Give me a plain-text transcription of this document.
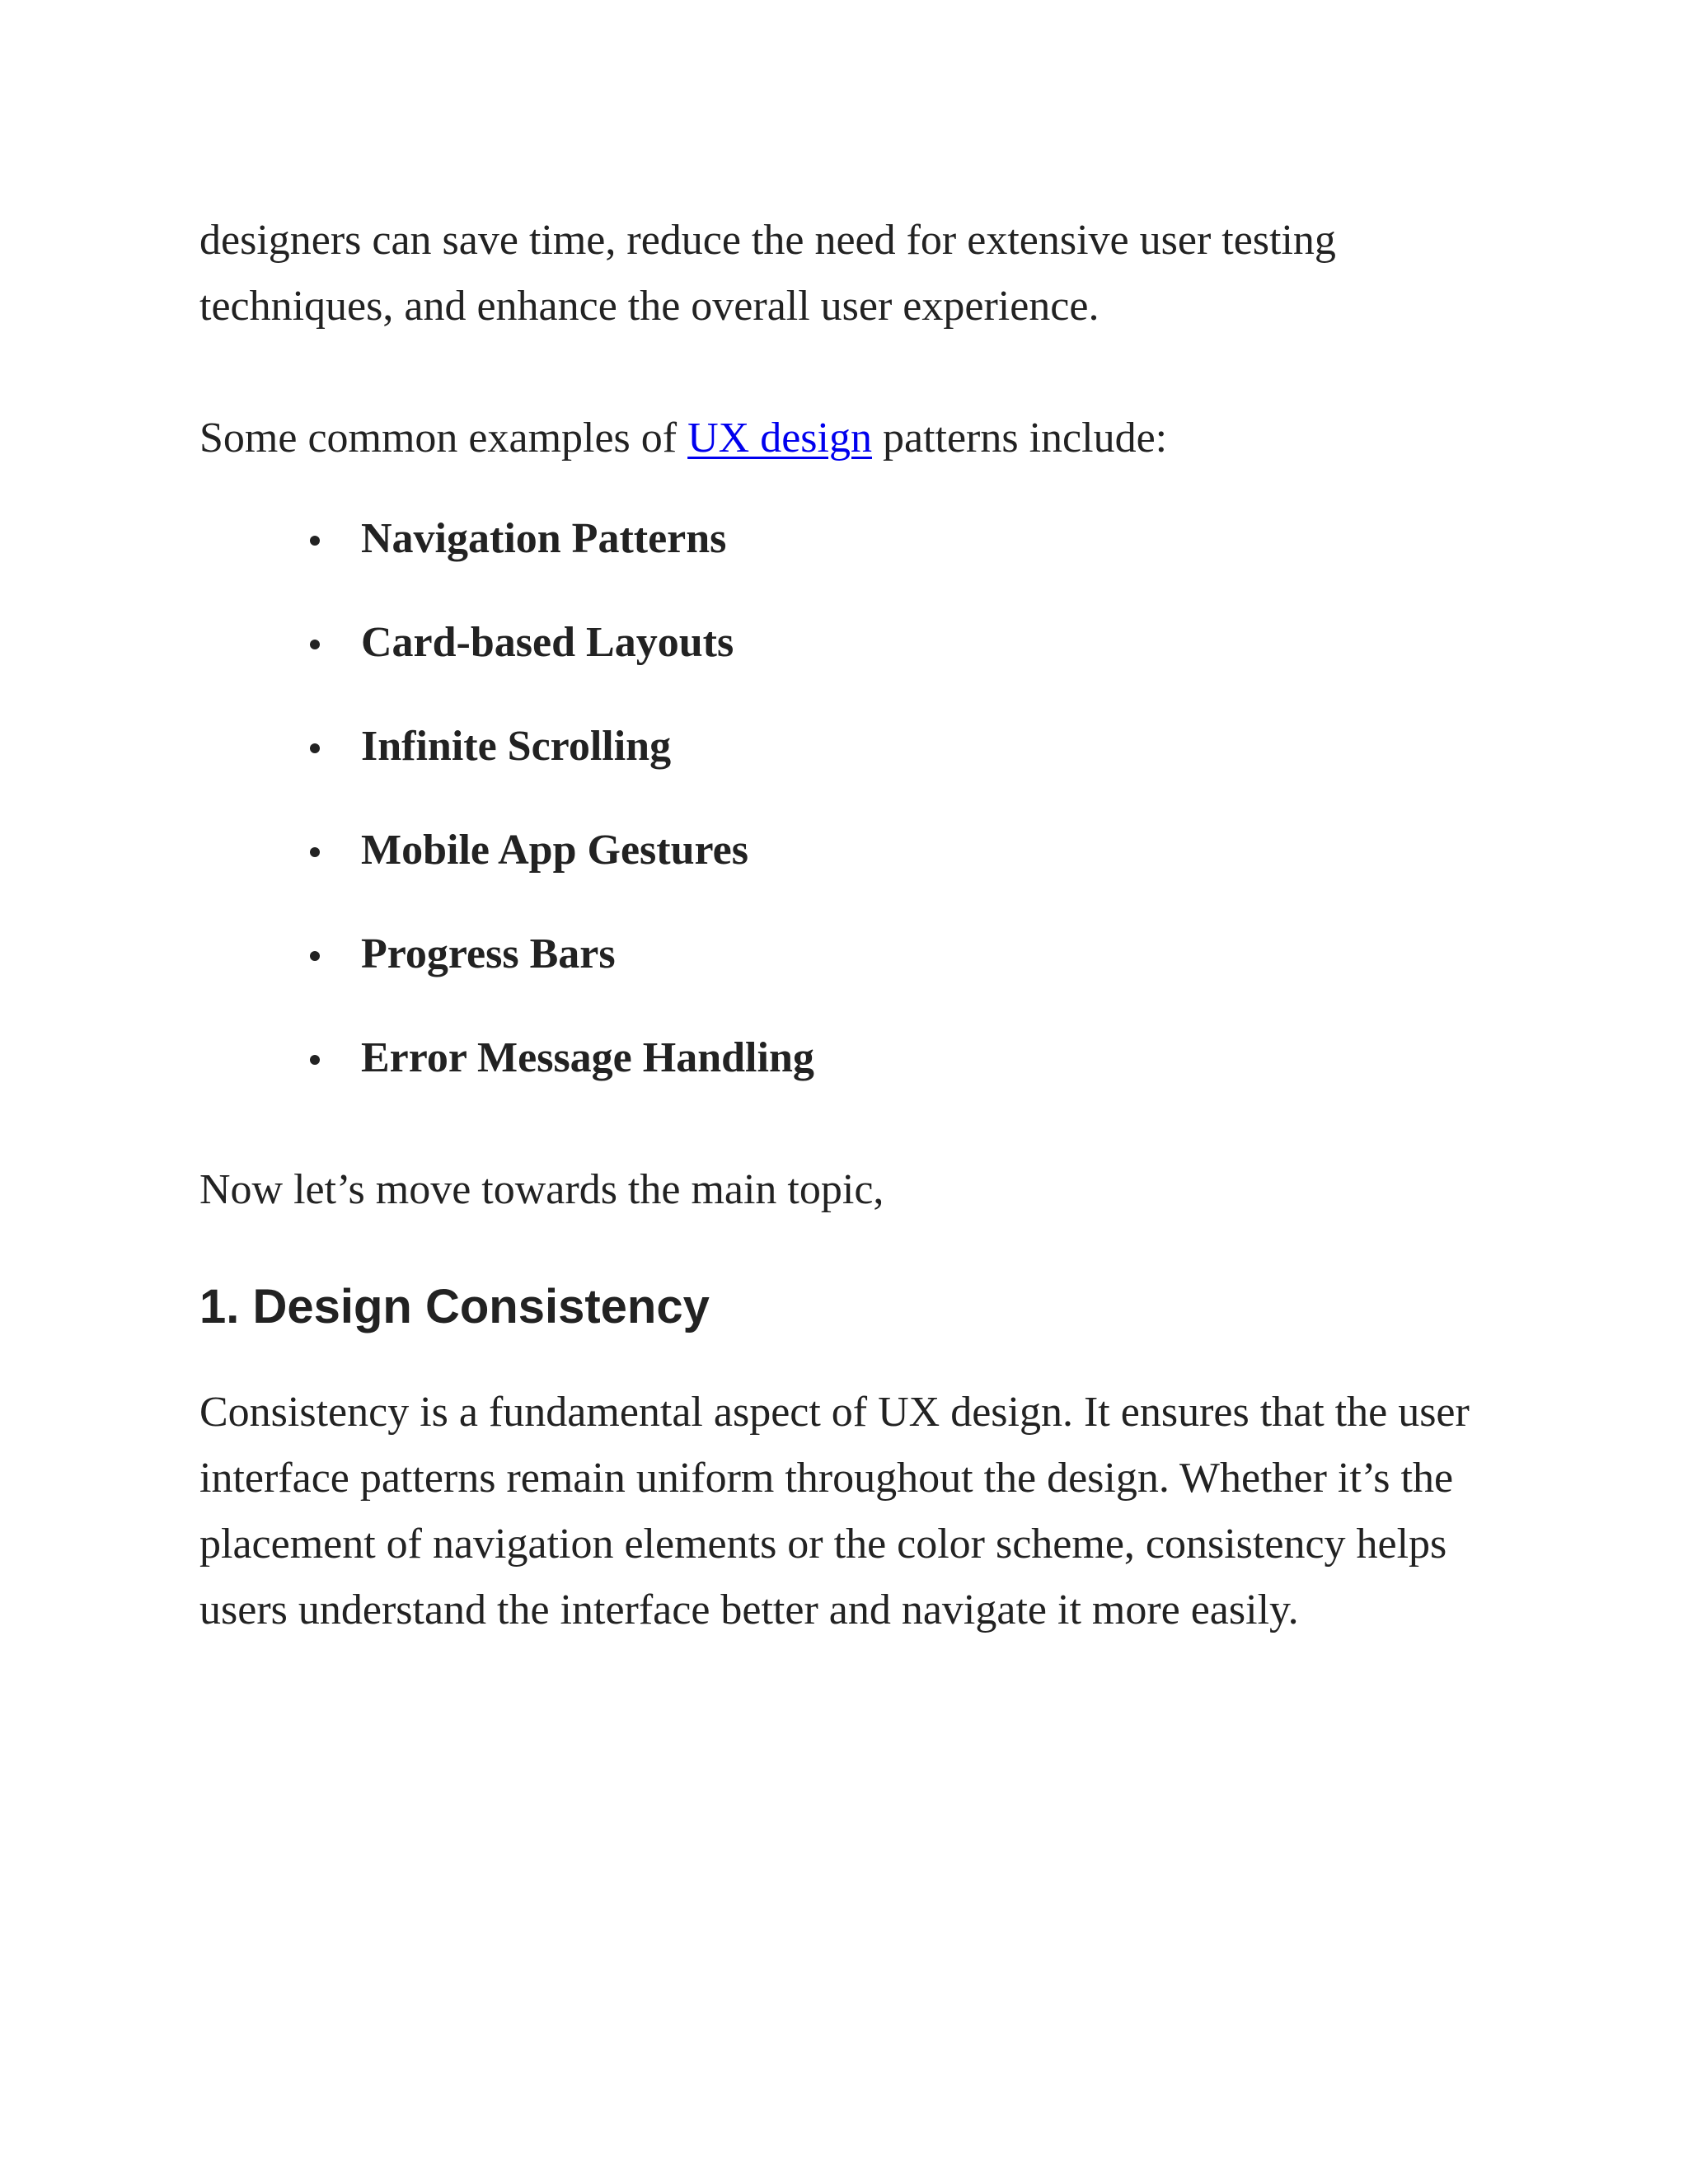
designers can save time, reduce the need for extensive user testing techniques, and enhance the overall user experience.

Some common examples of UX design patterns include:

Navigation Patterns
Card-based Layouts
Infinite Scrolling
Mobile App Gestures
Progress Bars
Error Message Handling

Now let’s move towards the main topic,

1. Design Consistency

Consistency is a fundamental aspect of UX design. It ensures that the user interface patterns remain uniform throughout the design. Whether it’s the placement of navigation elements or the color scheme, consistency helps users understand the interface better and navigate it more easily.
